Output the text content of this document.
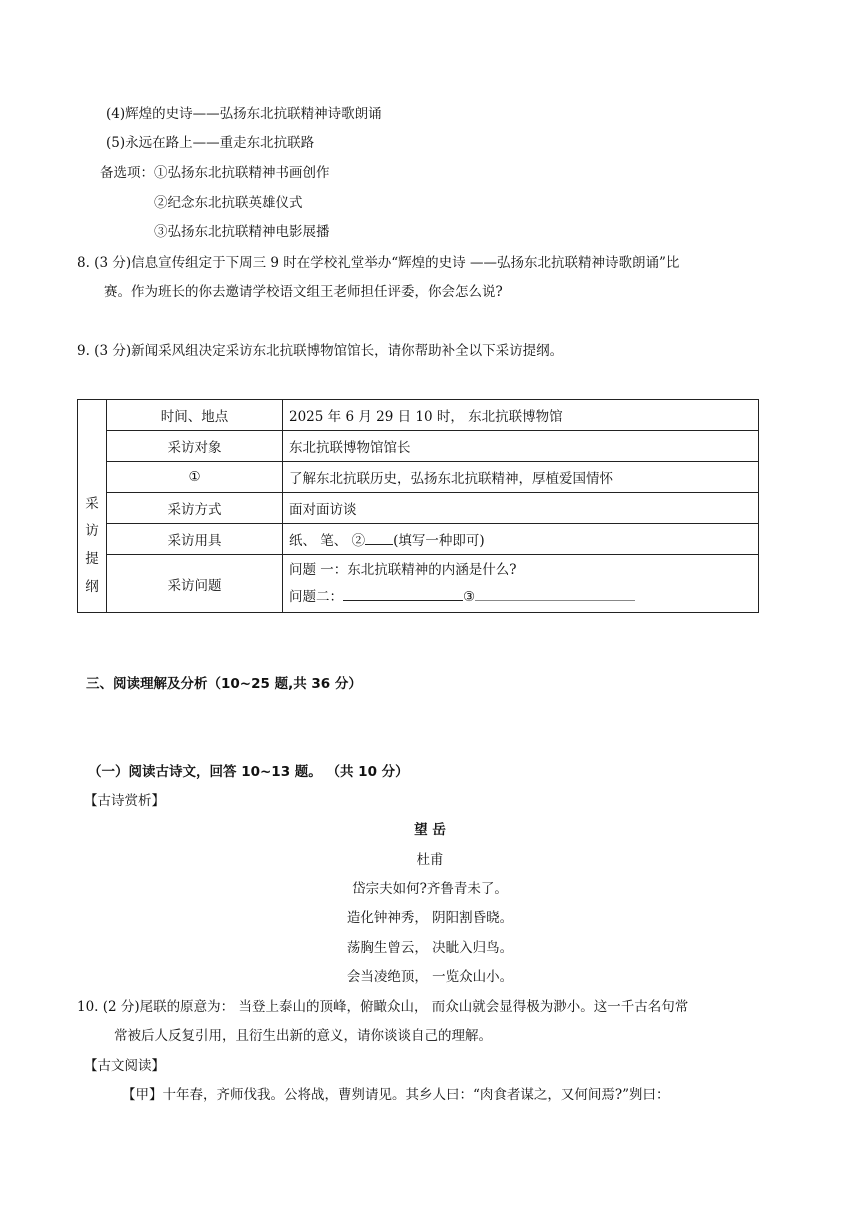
(4)辉煌的史诗——弘扬东北抗联精神诗歌朗诵
(5)永远在路上——重走东北抗联路
备选项：①弘扬东北抗联精神书画创作
②纪念东北抗联英雄仪式
③弘扬东北抗联精神电影展播
8. (3 分)信息宣传组定于下周三 9 时在学校礼堂举办“辉煌的史诗 ——弘扬东北抗联精神诗歌朗诵”比
赛。作为班长的你去邀请学校语文组王老师担任评委，你会怎么说?
9. (3 分)新闻采风组决定采访东北抗联博物馆馆长，请你帮助补全以下采访提纲。
采
访
提
纲	时间、地点	2025 年 6 月 29 日 10 时， 东北抗联博物馆
	采访对象	东北抗联博物馆馆长
	①	了解东北抗联历史，弘扬东北抗联精神，厚植爱国情怀
	采访方式	面对面访谈
	采访用具	纸、 笔、 ② (填写一种即可)
	采访问题	问题 一：东北抗联精神的内涵是什么?
问题二： ③
三、阅读理解及分析（10~25 题,共 36 分）
（一）阅读古诗文，回答 10~13 题。 （共 10 分）
【古诗赏析】
望 岳
杜甫
岱宗夫如何?齐鲁青未了。
造化钟神秀， 阴阳割昏晓。
荡胸生曾云， 决眦入归鸟。
会当凌绝顶， 一览众山小。
10. (2 分)尾联的原意为： 当登上泰山的顶峰，俯瞰众山， 而众山就会显得极为渺小。这一千古名句常
常被后人反复引用，且衍生出新的意义，请你谈谈自己的理解。
【古文阅读】
【甲】十年春，齐师伐我。公将战，曹刿请见。其乡人曰：“肉食者谋之，又何间焉?”刿曰：
